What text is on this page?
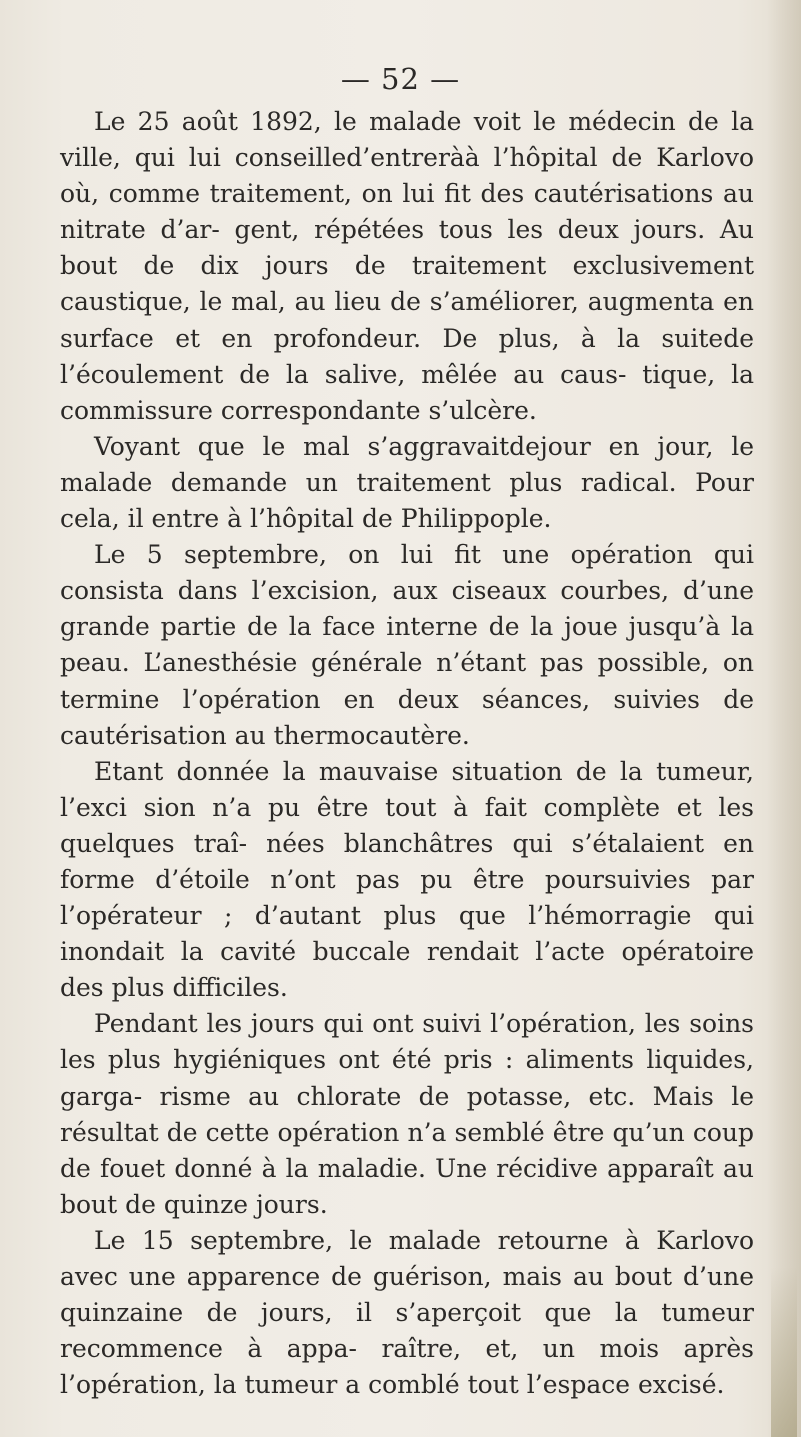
— 52 —

Le 25 août 1892, le malade voit le médecin de la ville, qui lui conseilled’entreràà l’hôpital de Karlovo où, comme traitement, on lui fit des cautérisations au nitrate d’ar- gent, répétées tous les deux jours. Au bout de dix jours de traitement exclusivement caustique, le mal, au lieu de s’améliorer, augmenta en surface et en profondeur. De plus, à la suitede l’écoulement de la salive, mêlée au caus- tique, la commissure correspondante s’ulcère.

Voyant que le mal s’aggravaitdejour en jour, le malade demande un traitement plus radical. Pour cela, il entre à l’hôpital de Philippople.

Le 5 septembre, on lui fit une opération qui consista dans l’excision, aux ciseaux courbes, d’une grande partie de la face interne de la joue jusqu’à la peau. L’anesthésie générale n’étant pas possible, on termine l’opération en deux séances, suivies de cautérisation au thermocautère.

Etant donnée la mauvaise situation de la tumeur, l’exci sion n’a pu être tout à fait complète et les quelques traî- nées blanchâtres qui s’étalaient en forme d’étoile n’ont pas pu être poursuivies par l’opérateur ; d’autant plus que l’hémorragie qui inondait la cavité buccale rendait l’acte opératoire des plus difficiles.

Pendant les jours qui ont suivi l’opération, les soins les plus hygiéniques ont été pris : aliments liquides, garga- risme au chlorate de potasse, etc. Mais le résultat de cette opération n’a semblé être qu’un coup de fouet donné à la maladie. Une récidive apparaît au bout de quinze jours.

Le 15 septembre, le malade retourne à Karlovo avec une apparence de guérison, mais au bout d’une quinzaine de jours, il s’aperçoit que la tumeur recommence à appa- raître, et, un mois après l’opération, la tumeur a comblé tout l’espace excisé.
